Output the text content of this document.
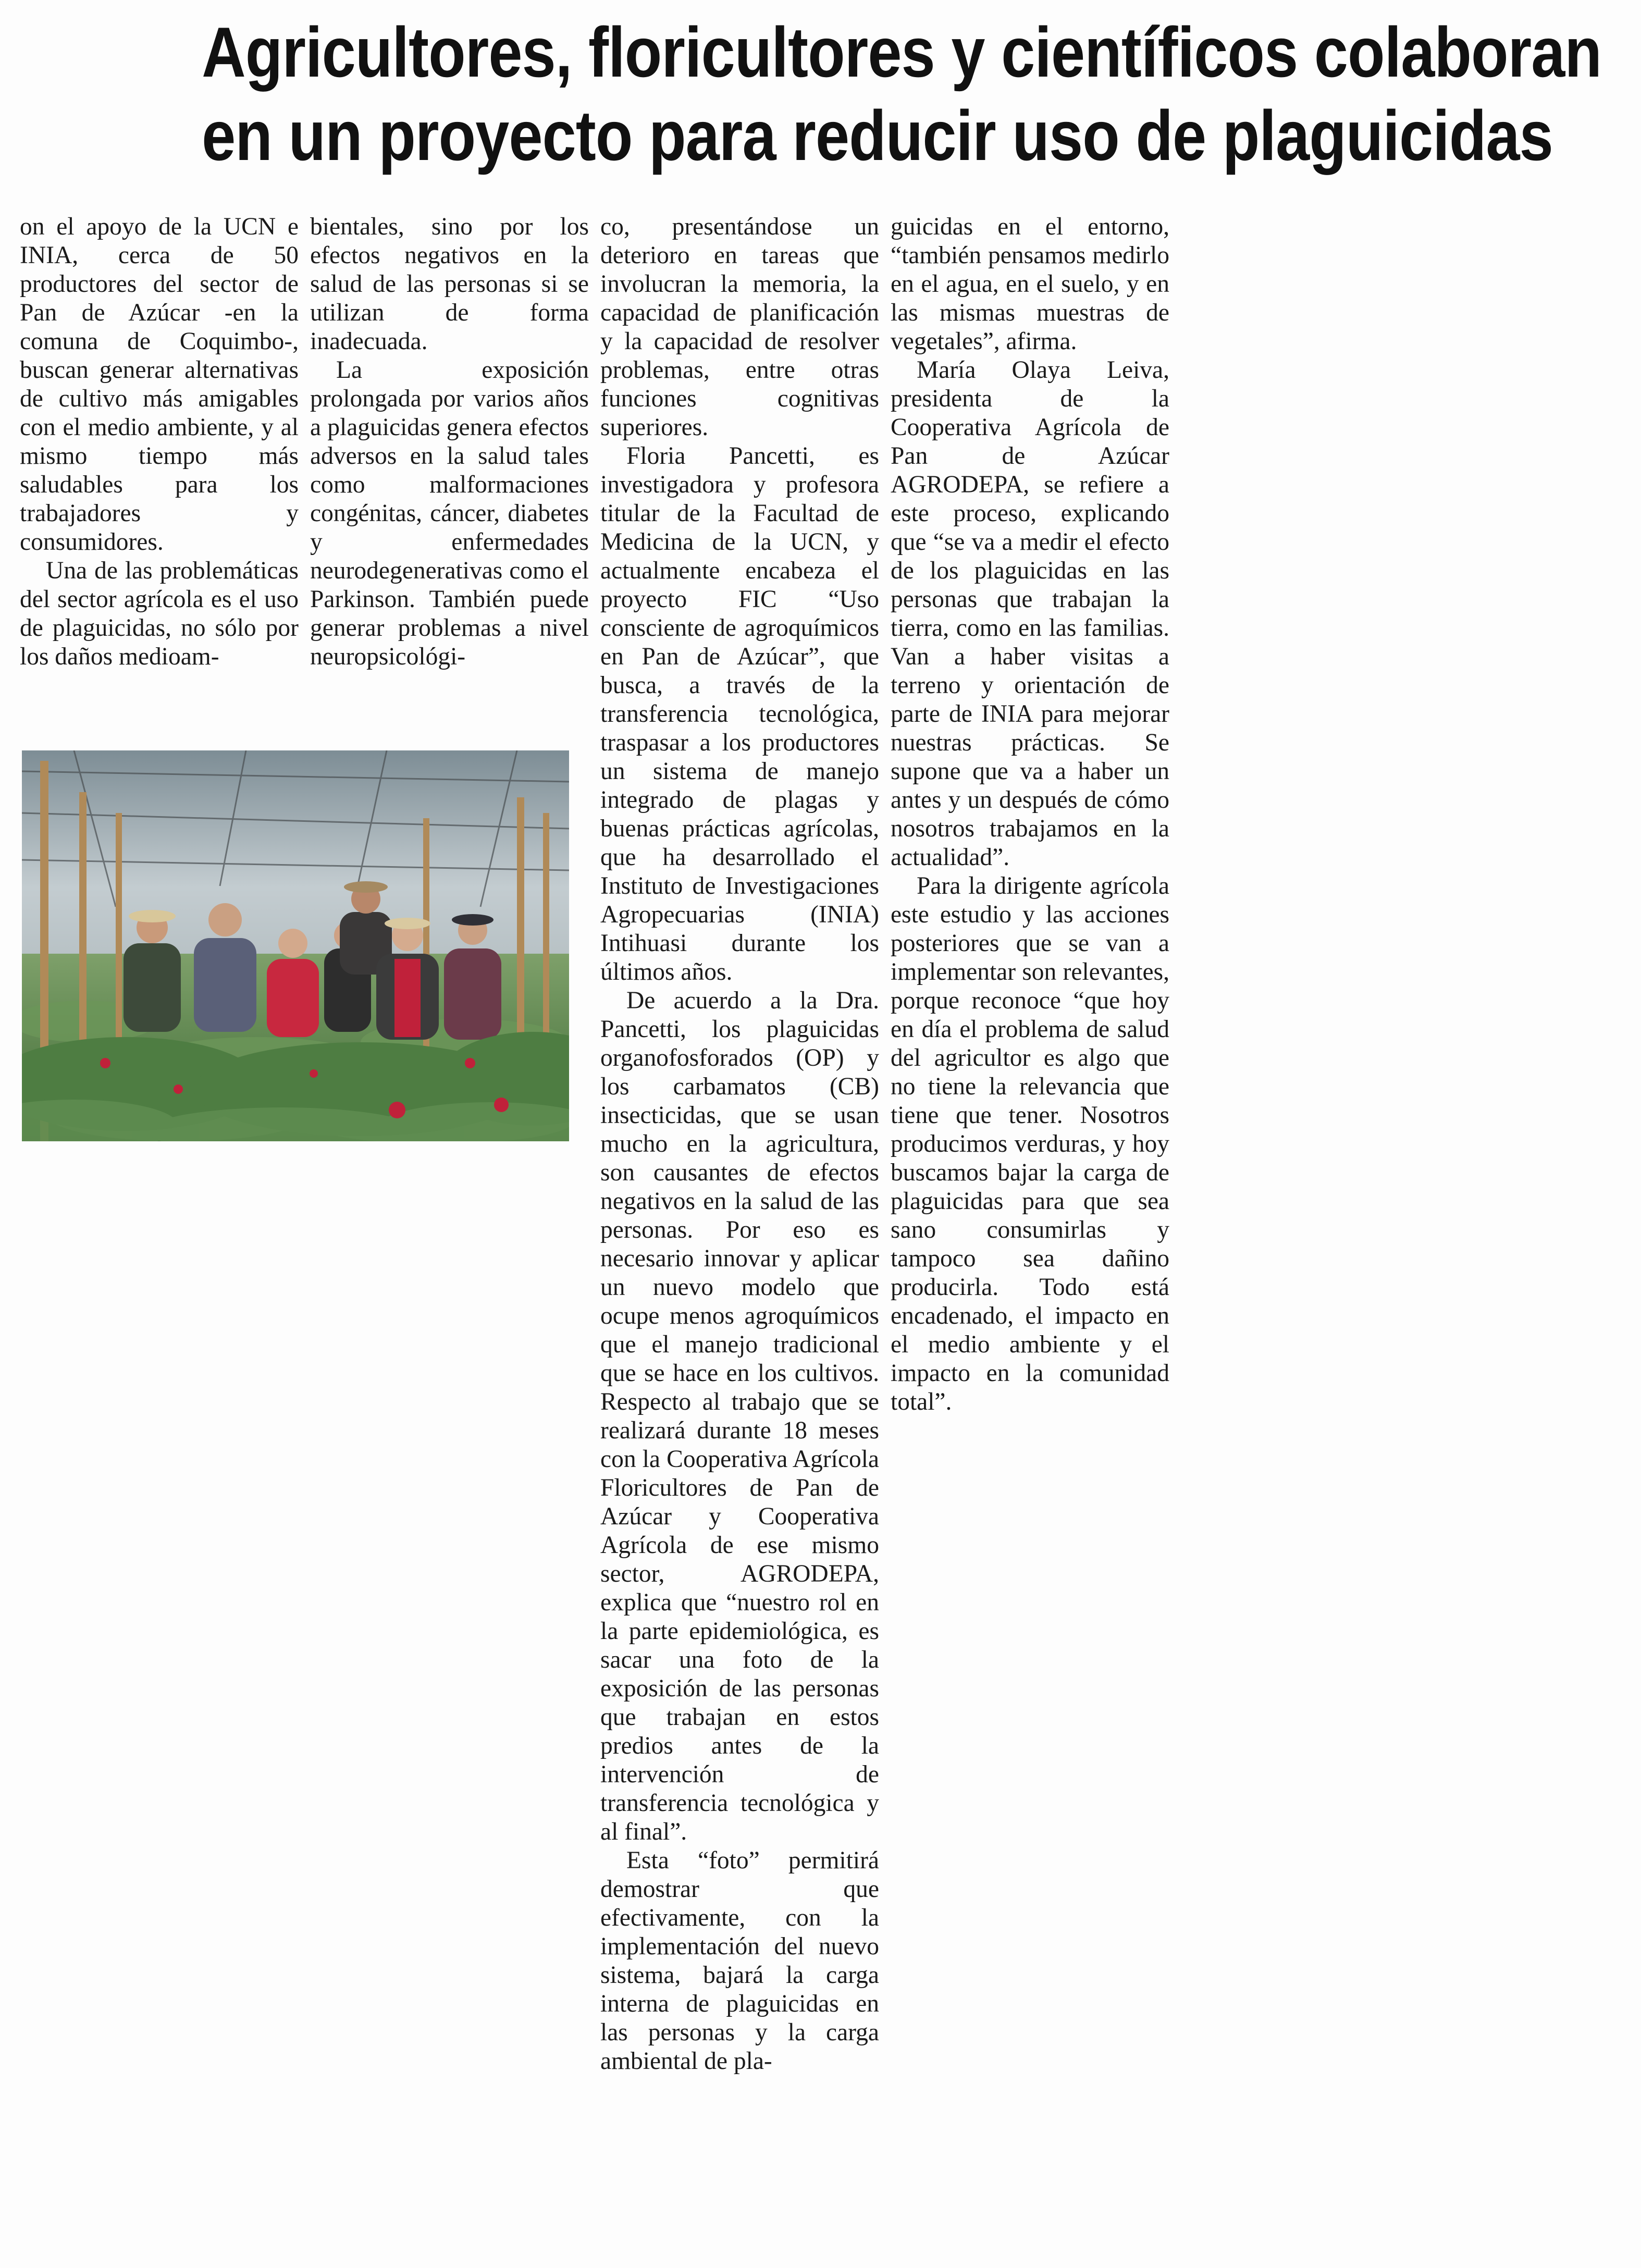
Agricultores, floricultores y científicos colaboran
en un proyecto para reducir uso de plaguicidas

on el apoyo de la UCN e INIA, cerca de 50 productores del sector de Pan de Azúcar -en la comuna de Coquimbo-, buscan generar alternativas de cultivo más amigables con el medio ambiente, y al mismo tiempo más saludables para los trabajadores y consumidores.

Una de las problemáticas del sector agrícola es el uso de plaguicidas, no sólo por los daños medioam-

bientales, sino por los efectos negativos en la salud de las personas si se utilizan de forma inadecuada.

La exposición prolongada por varios años a plaguicidas genera efectos adversos en la salud tales como malformaciones congénitas, cáncer, diabetes y enfermedades neurodegenerativas como el Parkinson. También puede generar problemas a nivel neuropsicológi-

co, presentándose un deterioro en tareas que involucran la memoria, la capacidad de planificación y la capacidad de resolver problemas, entre otras funciones cognitivas superiores.

Floria Pancetti, es investigadora y profesora titular de la Facultad de Medicina de la UCN, y actualmente encabeza el proyecto FIC “Uso consciente de agroquímicos en Pan de Azúcar”, que busca, a través de la transferencia tecnológica, traspasar a los productores un sistema de manejo integrado de plagas y buenas prácticas agrícolas, que ha desarrollado el Instituto de Investigaciones Agropecuarias (INIA) Intihuasi durante los últimos años.

De acuerdo a la Dra. Pancetti, los plaguicidas organofosforados (OP) y los carbamatos (CB) insecticidas, que se usan mucho en la agricultura, son causantes de efectos negativos en la salud de las personas. Por eso es necesario innovar y aplicar un nuevo modelo que ocupe menos agroquímicos que el manejo tradicional que se hace en los cultivos. Respecto al trabajo que se realizará durante 18 meses con la Cooperativa Agrícola Floricultores de Pan de Azúcar y Cooperativa Agrícola de ese mismo sector, AGRODEPA, explica que “nuestro rol en la parte epidemiológica, es sacar una foto de la exposición de las personas que trabajan en estos predios antes de la intervención de transferencia tecnológica y al final”.

Esta “foto” permitirá demostrar que efectivamente, con la implementación del nuevo sistema, bajará la carga interna de plaguicidas en las personas y la carga ambiental de pla-

guicidas en el entorno, “también pensamos medirlo en el agua, en el suelo, y en las mismas muestras de vegetales”, afirma.

María Olaya Leiva, presidenta de la Cooperativa Agrícola de Pan de Azúcar AGRODEPA, se refiere a este proceso, explicando que “se va a medir el efecto de los plaguicidas en las personas que trabajan la tierra, como en las familias. Van a haber visitas a terreno y orientación de parte de INIA para mejorar nuestras prácticas. Se supone que va a haber un antes y un después de cómo nosotros trabajamos en la actualidad”.

Para la dirigente agrícola este estudio y las acciones posteriores que se van a implementar son relevantes, porque reconoce “que hoy en día el problema de salud del agricultor es algo que no tiene la relevancia que tiene que tener. Nosotros producimos verduras, y hoy buscamos bajar la carga de plaguicidas para que sea sano consumirlas y tampoco sea dañino producirla. Todo está encadenado, el impacto en el medio ambiente y el impacto en la comunidad total”.
